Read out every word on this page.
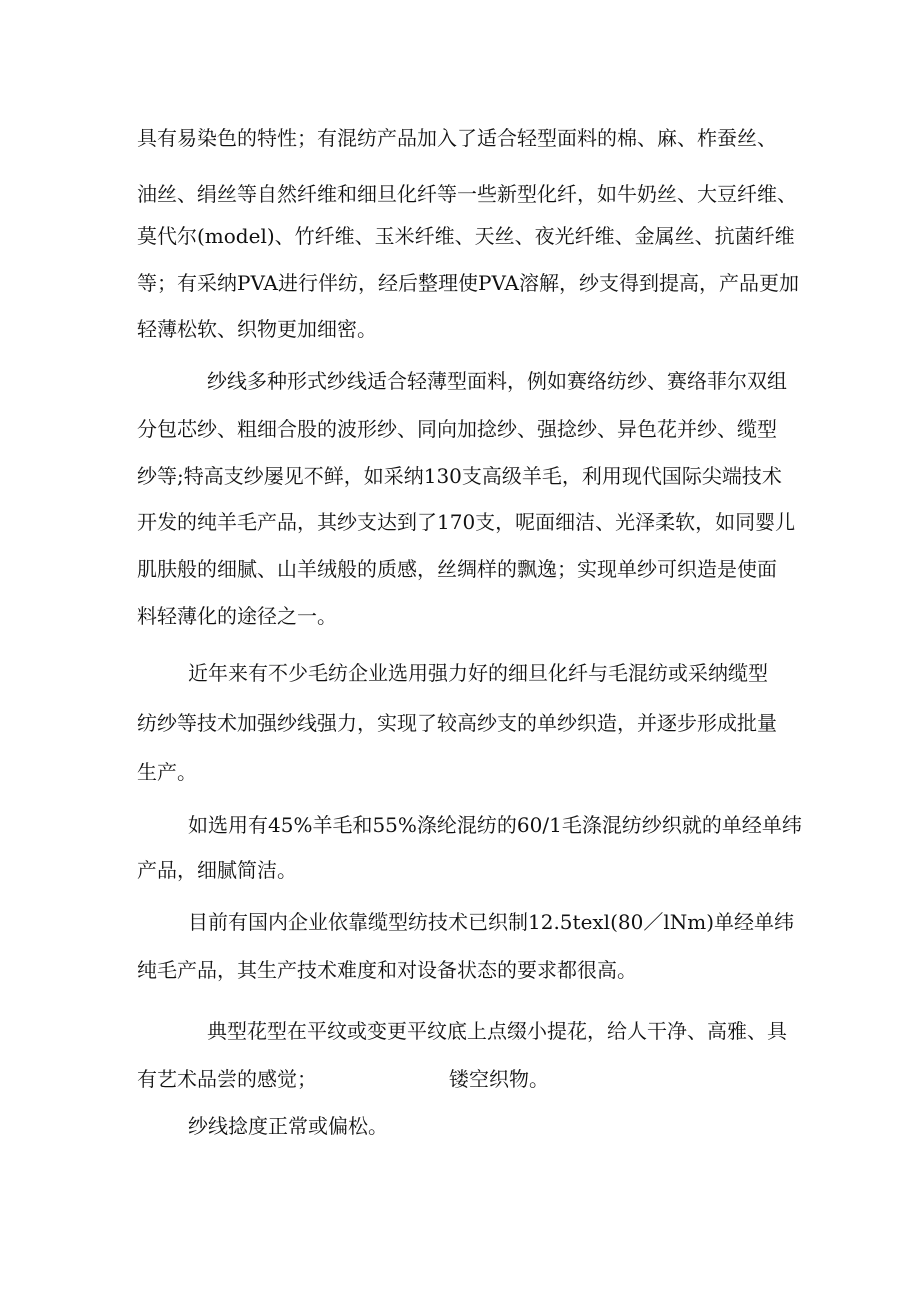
具有易染色的特性；有混纺产品加入了适合轻型面料的棉、麻、柞蚕丝、
油丝、绢丝等自然纤维和细旦化纤等一些新型化纤，如牛奶丝、大豆纤维、
莫代尔(model)、竹纤维、玉米纤维、天丝、夜光纤维、金属丝、抗菌纤维
等；有采纳PVA进行伴纺，经后整理使PVA溶解，纱支得到提高，产品更加
轻薄松软、织物更加细密。
纱线多种形式纱线适合轻薄型面料，例如赛络纺纱、赛络菲尔双组
分包芯纱、粗细合股的波形纱、同向加捻纱、强捻纱、异色花并纱、缆型
纱等;特高支纱屡见不鲜，如采纳130支高级羊毛，利用现代国际尖端技术
开发的纯羊毛产品，其纱支达到了170支，呢面细洁、光泽柔软，如同婴儿
肌肤般的细腻、山羊绒般的质感，丝绸样的飘逸；实现单纱可织造是使面
料轻薄化的途径之一。
近年来有不少毛纺企业选用强力好的细旦化纤与毛混纺或采纳缆型
纺纱等技术加强纱线强力，实现了较高纱支的单纱织造，并逐步形成批量
生产。
如选用有45%羊毛和55%涤纶混纺的60/1毛涤混纺纱织就的单经单纬
产品，细腻简洁。
目前有国内企业依靠缆型纺技术已织制12.5texl(80／lNm)单经单纬
纯毛产品，其生产技术难度和对设备状态的要求都很高。
典型花型在平纹或变更平纹底上点缀小提花，给人干净、高雅、具
有艺术品尝的感觉；	镂空织物。
纱线捻度正常或偏松。
